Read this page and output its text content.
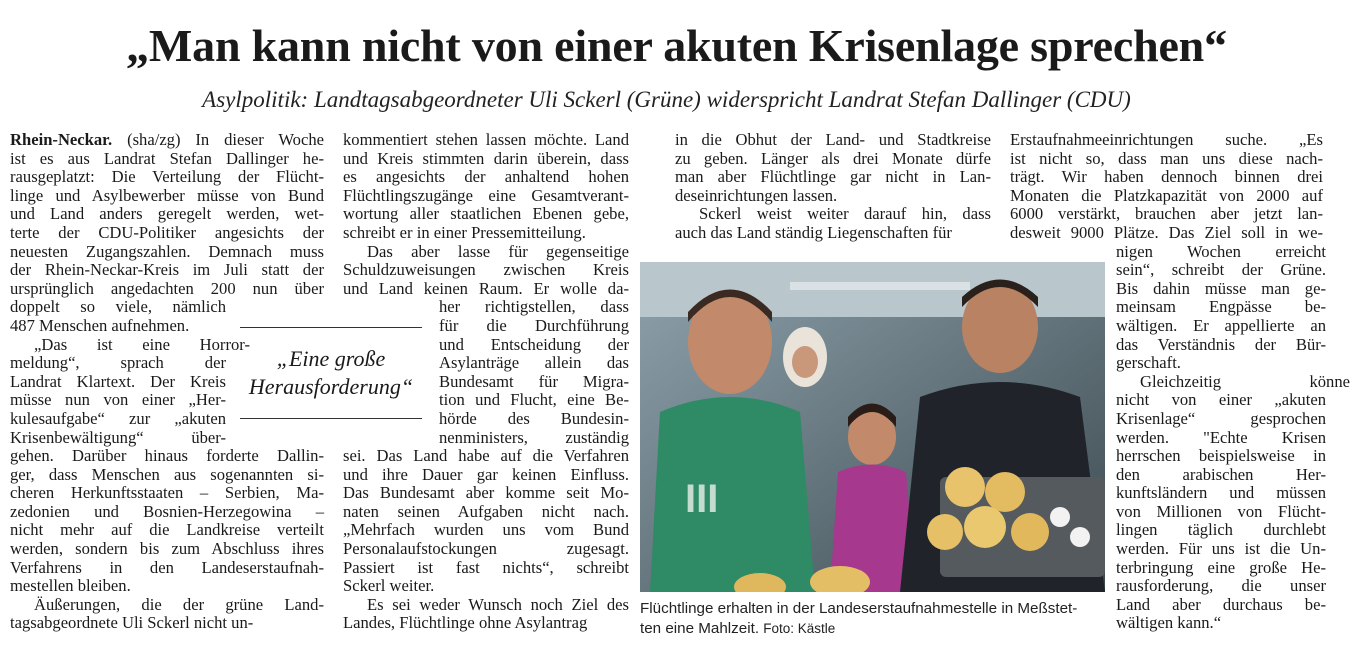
„Man kann nicht von einer akuten Krisenlage sprechen“
Asylpolitik: Landtagsabgeordneter Uli Sckerl (Grüne) widerspricht Landrat Stefan Dallinger (CDU)
Rhein-Neckar. (sha/zg) In dieser Woche
ist es aus Landrat Stefan Dallinger he-
rausgeplatzt: Die Verteilung der Flücht-
linge und Asylbewerber müsse von Bund
und Land anders geregelt werden, wet-
terte der CDU-Politiker angesichts der
neuesten Zugangszahlen. Demnach muss
der Rhein-Neckar-Kreis im Juli statt der
ursprünglich angedachten 200 nun über
doppelt so viele, nämlich
487 Menschen aufnehmen.
„Das ist eine Horror-
meldung“, sprach der
Landrat Klartext. Der Kreis
müsse nun von einer „Her-
kulesaufgabe“ zur „akuten
Krisenbewältigung“ über-
gehen. Darüber hinaus forderte Dallin-
ger, dass Menschen aus sogenannten si-
cheren Herkunftsstaaten – Serbien, Ma-
zedonien und Bosnien-Herzegowina –
nicht mehr auf die Landkreise verteilt
werden, sondern bis zum Abschluss ihres
Verfahrens in den Landeserstaufnah-
mestellen bleiben.
Äußerungen, die der grüne Land-
tagsabgeordnete Uli Sckerl nicht un-
kommentiert stehen lassen möchte. Land
und Kreis stimmten darin überein, dass
es angesichts der anhaltend hohen
Flüchtlingszugänge eine Gesamtverant-
wortung aller staatlichen Ebenen gebe,
schreibt er in einer Pressemitteilung.
Das aber lasse für gegenseitige
Schuldzuweisungen zwischen Kreis
und Land keinen Raum. Er wolle da-
her richtigstellen, dass
für die Durchführung
und Entscheidung der
Asylanträge allein das
Bundesamt für Migra-
tion und Flucht, eine Be-
hörde des Bundesin-
nenministers, zuständig
sei. Das Land habe auf die Verfahren
und ihre Dauer gar keinen Einfluss.
Das Bundesamt aber komme seit Mo-
naten seinen Aufgaben nicht nach.
„Mehrfach wurden uns vom Bund
Personalaufstockungen zugesagt.
Passiert ist fast nichts“, schreibt
Sckerl weiter.
Es sei weder Wunsch noch Ziel des
Landes, Flüchtlinge ohne Asylantrag
in die Obhut der Land- und Stadtkreise
zu geben. Länger als drei Monate dürfe
man aber Flüchtlinge gar nicht in Lan-
deseinrichtungen lassen.
Sckerl weist weiter darauf hin, dass
auch das Land ständig Liegenschaften für
Erstaufnahmeeinrichtungen suche. „Es
ist nicht so, dass man uns diese nach-
trägt. Wir haben dennoch binnen drei
Monaten die Platzkapazität von 2000 auf
6000 verstärkt, brauchen aber jetzt lan-
desweit 9000 Plätze. Das Ziel soll in we-
nigen Wochen erreicht
sein“, schreibt der Grüne.
Bis dahin müsse man ge-
meinsam Engpässe be-
wältigen. Er appellierte an
das Verständnis der Bür-
gerschaft.
Gleichzeitig könne
nicht von einer „akuten
Krisenlage“ gesprochen
werden. "Echte Krisen
herrschen beispielsweise in
den arabischen Her-
kunftsländern und müssen
von Millionen von Flücht-
lingen täglich durchlebt
werden. Für uns ist die Un-
terbringung eine große He-
rausforderung, die unser
Land aber durchaus be-
wältigen kann.“
„Eine große
Herausforderung“
III
Flüchtlinge erhalten in der Landeserstaufnahmestelle in Meßstet-
ten eine Mahlzeit. Foto: Kästle
